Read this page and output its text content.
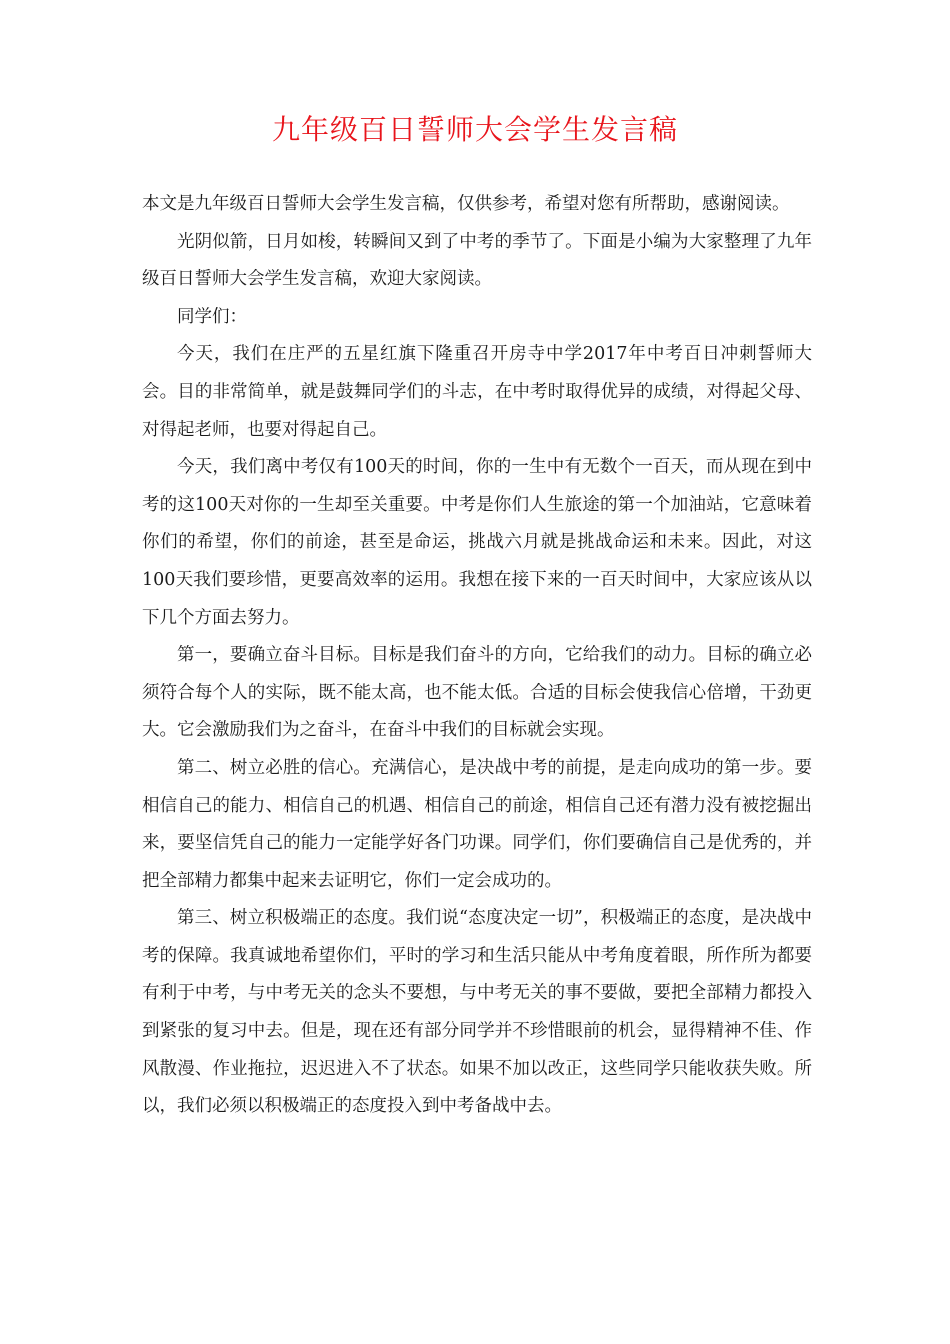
九年级百日誓师大会学生发言稿

本文是九年级百日誓师大会学生发言稿，仅供参考，希望对您有所帮助，感谢阅读。

光阴似箭，日月如梭，转瞬间又到了中考的季节了。下面是小编为大家整理了九年级百日誓师大会学生发言稿，欢迎大家阅读。

同学们：

今天，我们在庄严的五星红旗下隆重召开房寺中学2017年中考百日冲刺誓师大会。目的非常简单，就是鼓舞同学们的斗志，在中考时取得优异的成绩，对得起父母、对得起老师，也要对得起自己。

今天，我们离中考仅有100天的时间，你的一生中有无数个一百天，而从现在到中考的这100天对你的一生却至关重要。中考是你们人生旅途的第一个加油站，它意味着你们的希望，你们的前途，甚至是命运，挑战六月就是挑战命运和未来。因此，对这100天我们要珍惜，更要高效率的运用。我想在接下来的一百天时间中，大家应该从以下几个方面去努力。

第一，要确立奋斗目标。目标是我们奋斗的方向，它给我们的动力。目标的确立必须符合每个人的实际，既不能太高，也不能太低。合适的目标会使我信心倍增，干劲更大。它会激励我们为之奋斗，在奋斗中我们的目标就会实现。

第二、树立必胜的信心。充满信心，是决战中考的前提，是走向成功的第一步。要相信自己的能力、相信自己的机遇、相信自己的前途，相信自己还有潜力没有被挖掘出来，要坚信凭自己的能力一定能学好各门功课。同学们，你们要确信自己是优秀的，并把全部精力都集中起来去证明它，你们一定会成功的。

第三、树立积极端正的态度。我们说“态度决定一切”，积极端正的态度，是决战中考的保障。我真诚地希望你们，平时的学习和生活只能从中考角度着眼，所作所为都要有利于中考，与中考无关的念头不要想，与中考无关的事不要做，要把全部精力都投入到紧张的复习中去。但是，现在还有部分同学并不珍惜眼前的机会，显得精神不佳、作风散漫、作业拖拉，迟迟进入不了状态。如果不加以改正，这些同学只能收获失败。所以，我们必须以积极端正的态度投入到中考备战中去。
